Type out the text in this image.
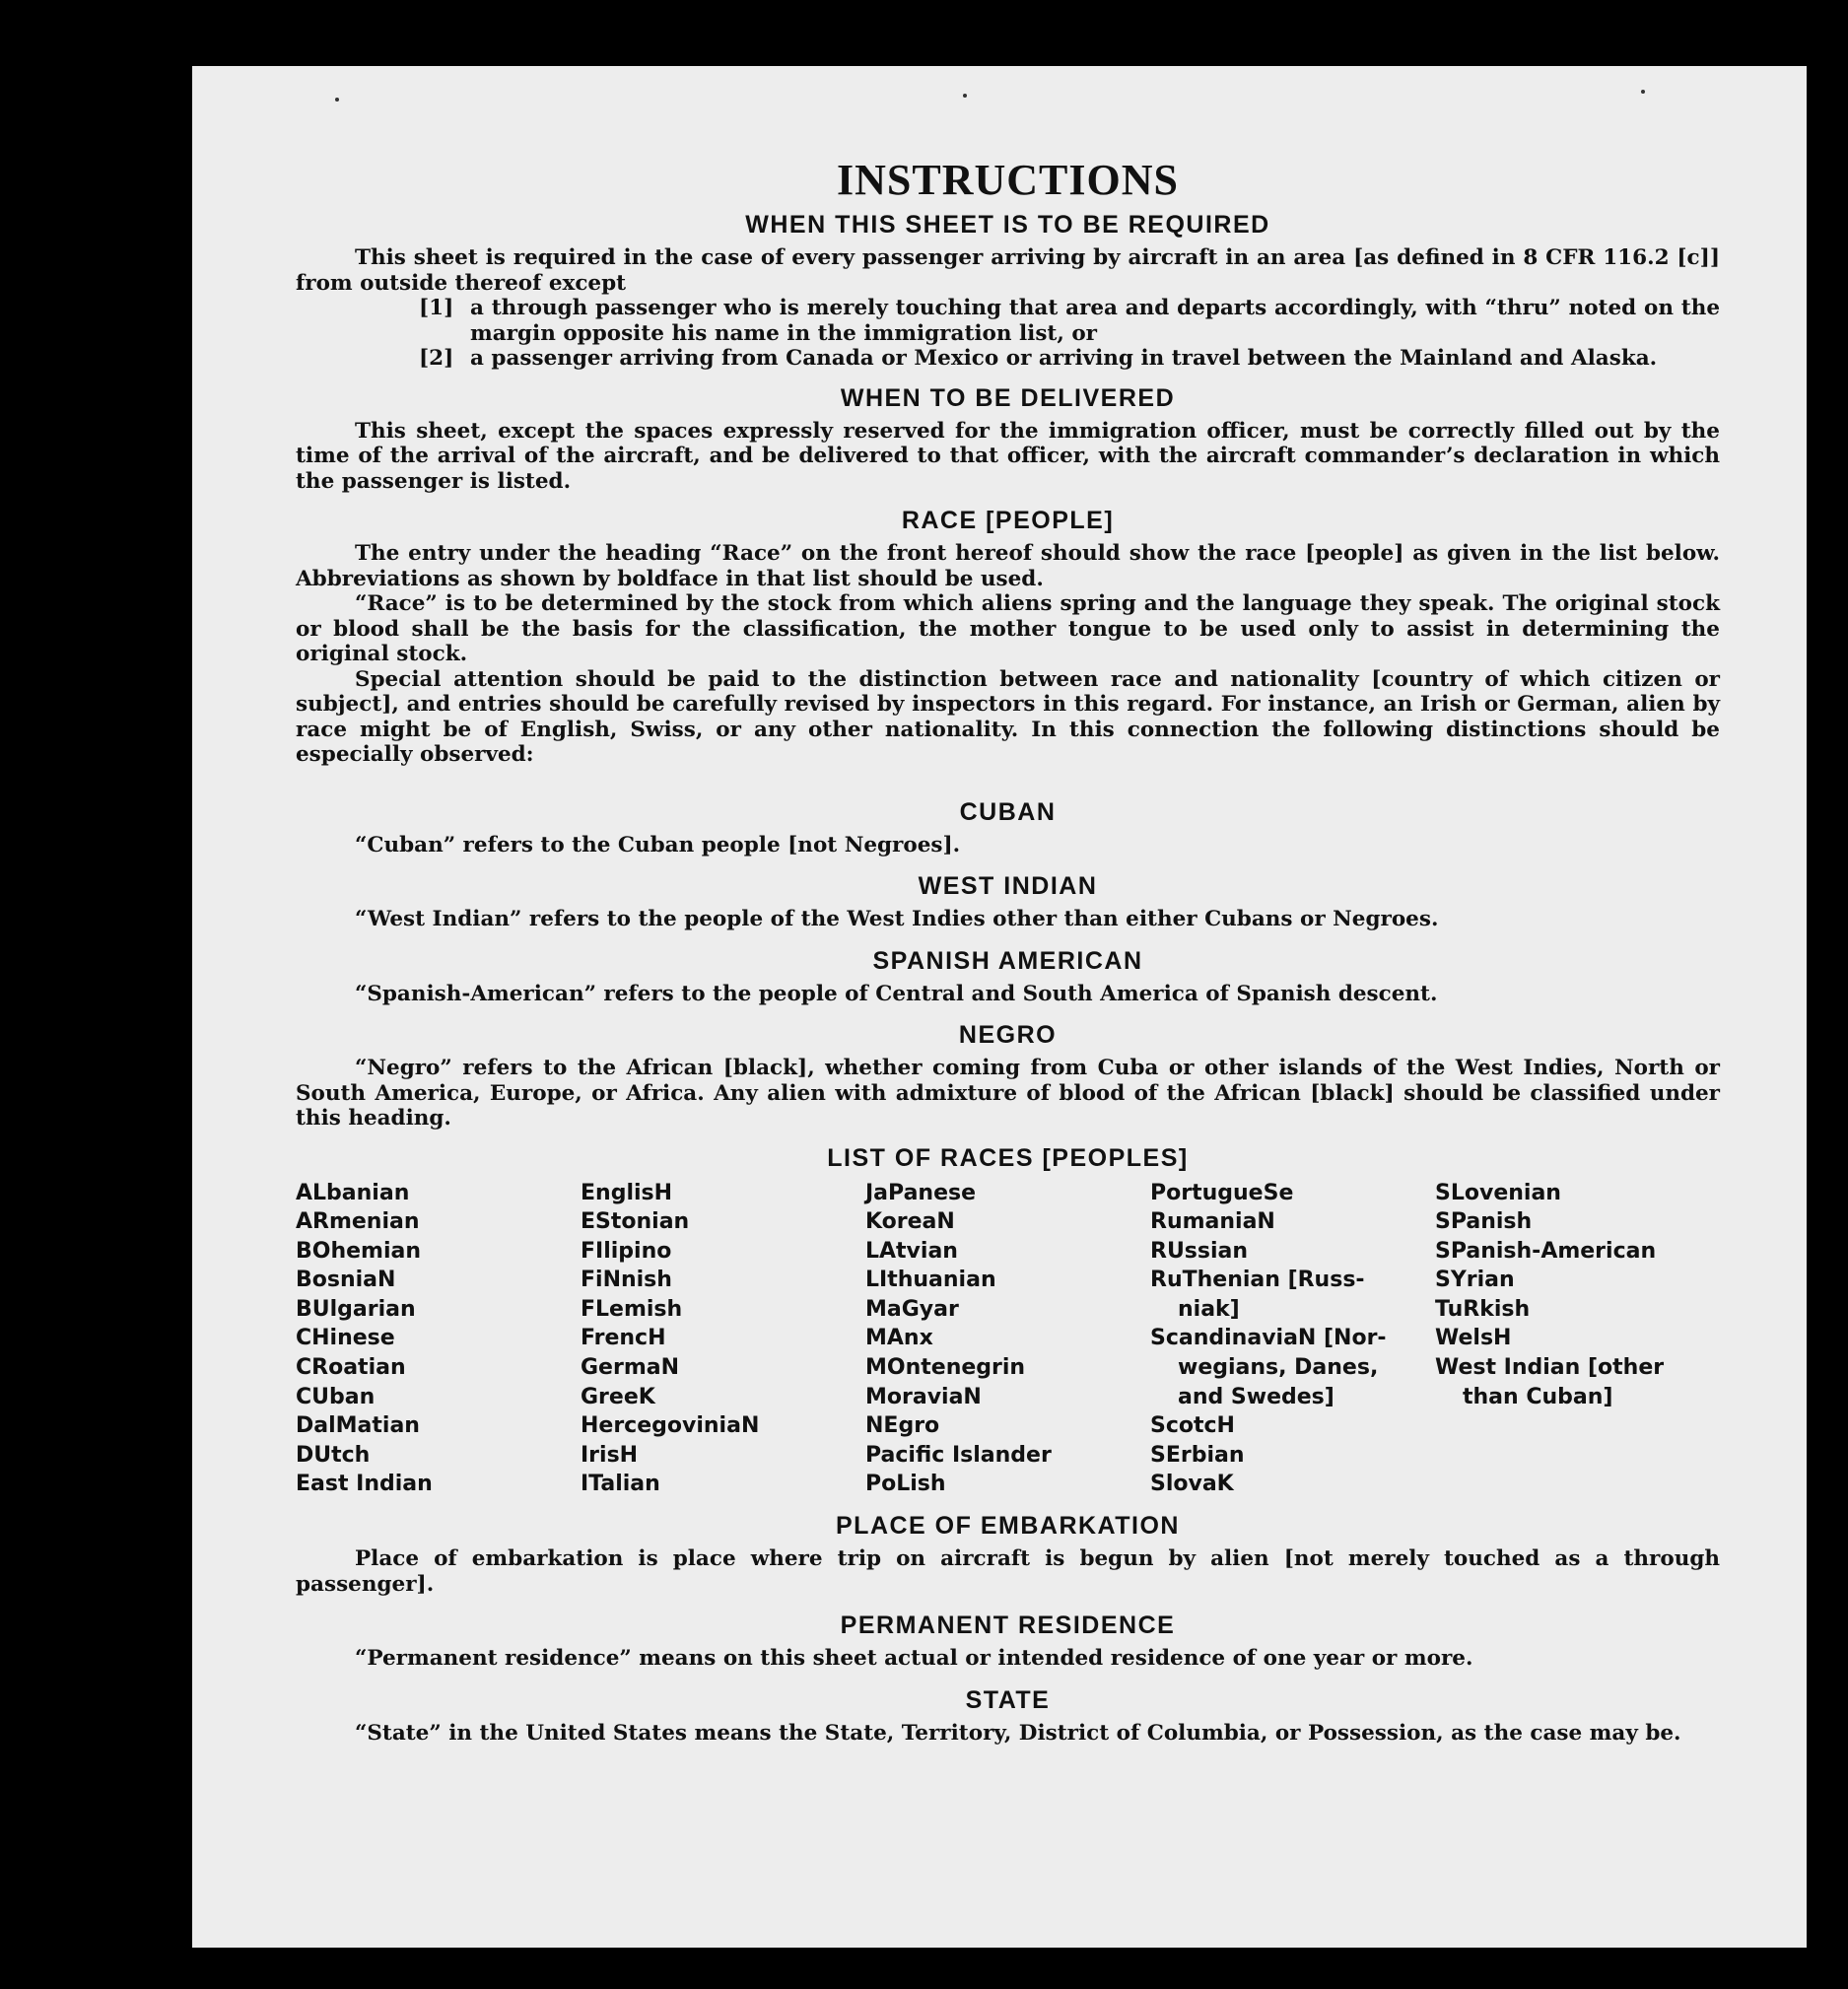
INSTRUCTIONS
WHEN THIS SHEET IS TO BE REQUIRED

This sheet is required in the case of every passenger arriving by aircraft in an area [as defined in 8 CFR 116.2 [c]] from outside thereof except

[1] a through passenger who is merely touching that area and departs accordingly, with “thru” noted on the margin opposite his name in the immigration list, or
[2] a passenger arriving from Canada or Mexico or arriving in travel between the Mainland and Alaska.
WHEN TO BE DELIVERED

This sheet, except the spaces expressly reserved for the immigration officer, must be correctly filled out by the time of the arrival of the aircraft, and be delivered to that officer, with the aircraft commander’s declaration in which the passenger is listed.

RACE [PEOPLE]

The entry under the heading “Race” on the front hereof should show the race [people] as given in the list below. Abbreviations as shown by boldface in that list should be used.

“Race” is to be determined by the stock from which aliens spring and the language they speak. The original stock or blood shall be the basis for the classification, the mother tongue to be used only to assist in determining the original stock.

Special attention should be paid to the distinction between race and nationality [country of which citizen or subject], and entries should be carefully revised by inspectors in this regard. For instance, an Irish or German, alien by race might be of English, Swiss, or any other nationality. In this connection the following distinctions should be especially observed:

CUBAN

“Cuban” refers to the Cuban people [not Negroes].

WEST INDIAN

“West Indian” refers to the people of the West Indies other than either Cubans or Negroes.

SPANISH AMERICAN

“Spanish-American” refers to the people of Central and South America of Spanish descent.

NEGRO

“Negro” refers to the African [black], whether coming from Cuba or other islands of the West Indies, North or South America, Europe, or Africa. Any alien with admixture of blood of the African [black] should be classified under this heading.

LIST OF RACES [PEOPLES]
ALbanian
ARmenian
BOhemian
BosniaN
BUlgarian
CHinese
CRoatian
CUban
DalMatian
DUtch
East Indian
EnglisH
EStonian
FIlipino
FiNnish
FLemish
FrencH
GermaN
GreeK
HercegoviniaN
IrisH
ITalian
JaPanese
KoreaN
LAtvian
LIthuanian
MaGyar
MAnx
MOntenegrin
MoraviaN
NEgro
Pacific Islander
PoLish
PortugueSe
RumaniaN
RUssian
RuThenian [Russ-
niak]
ScandinaviaN [Nor-
wegians, Danes,
and Swedes]
ScotcH
SErbian
SlovaK
SLovenian
SPanish
SPanish-American
SYrian
TuRkish
WelsH
West Indian [other
than Cuban]
PLACE OF EMBARKATION

Place of embarkation is place where trip on aircraft is begun by alien [not merely touched as a through passenger].

PERMANENT RESIDENCE

“Permanent residence” means on this sheet actual or intended residence of one year or more.

STATE

“State” in the United States means the State, Territory, District of Columbia, or Possession, as the case may be.
